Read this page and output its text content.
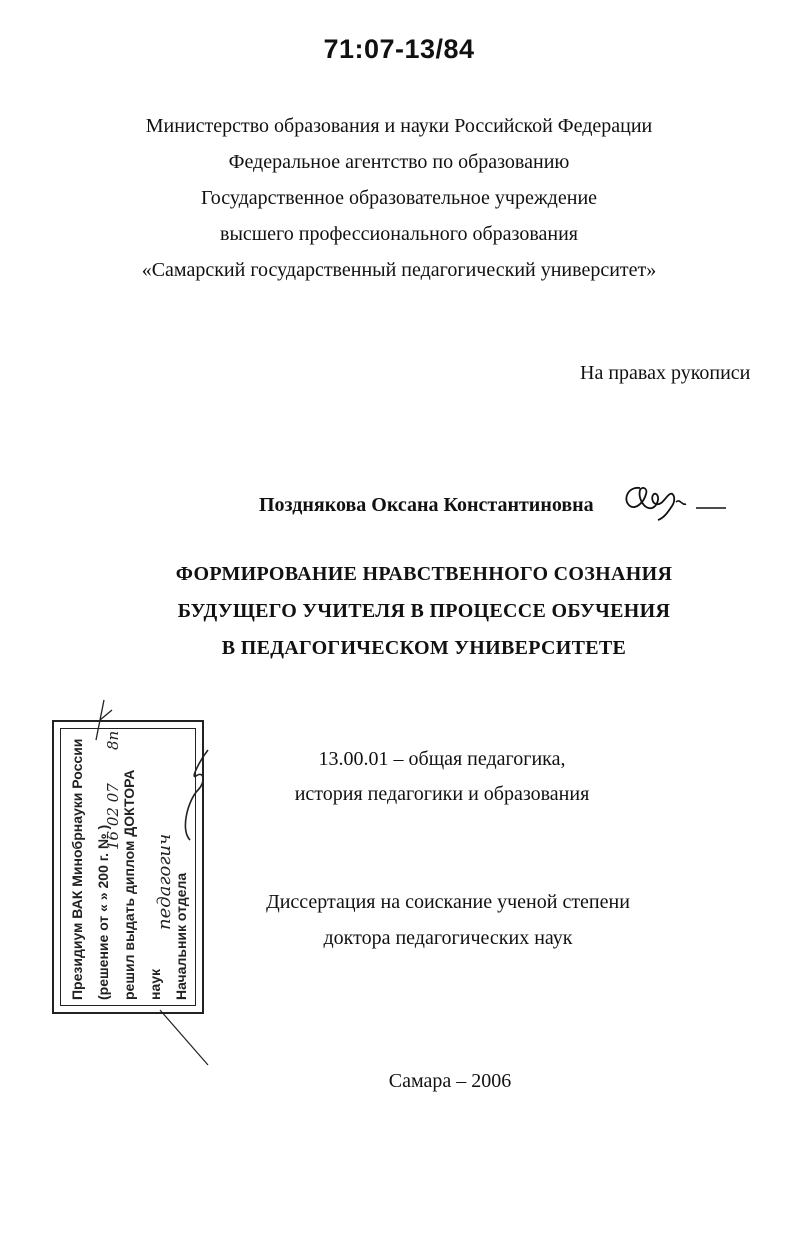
71:07-13/84
Министерство образования и науки Российской Федерации
Федеральное агентство по образованию
Государственное образовательное учреждение
высшего профессионального образования
«Самарский государственный педагогический университет»
На правах рукописи
Позднякова Оксана Константиновна
ФОРМИРОВАНИЕ НРАВСТВЕННОГО СОЗНАНИЯ
БУДУЩЕГО УЧИТЕЛЯ В ПРОЦЕССЕ ОБУЧЕНИЯ
В ПЕДАГОГИЧЕСКОМ УНИВЕРСИТЕТЕ
13.00.01 – общая педагогика,
история педагогики и образования
Диссертация на соискание ученой степени
доктора педагогических наук
Самара – 2006
Президиум ВАК Минобрнауки России (решение от « » 200 г. № ) решил выдать диплом ДОКТОРА наук Начальник отдела
16 02 07
8п
педагогич
